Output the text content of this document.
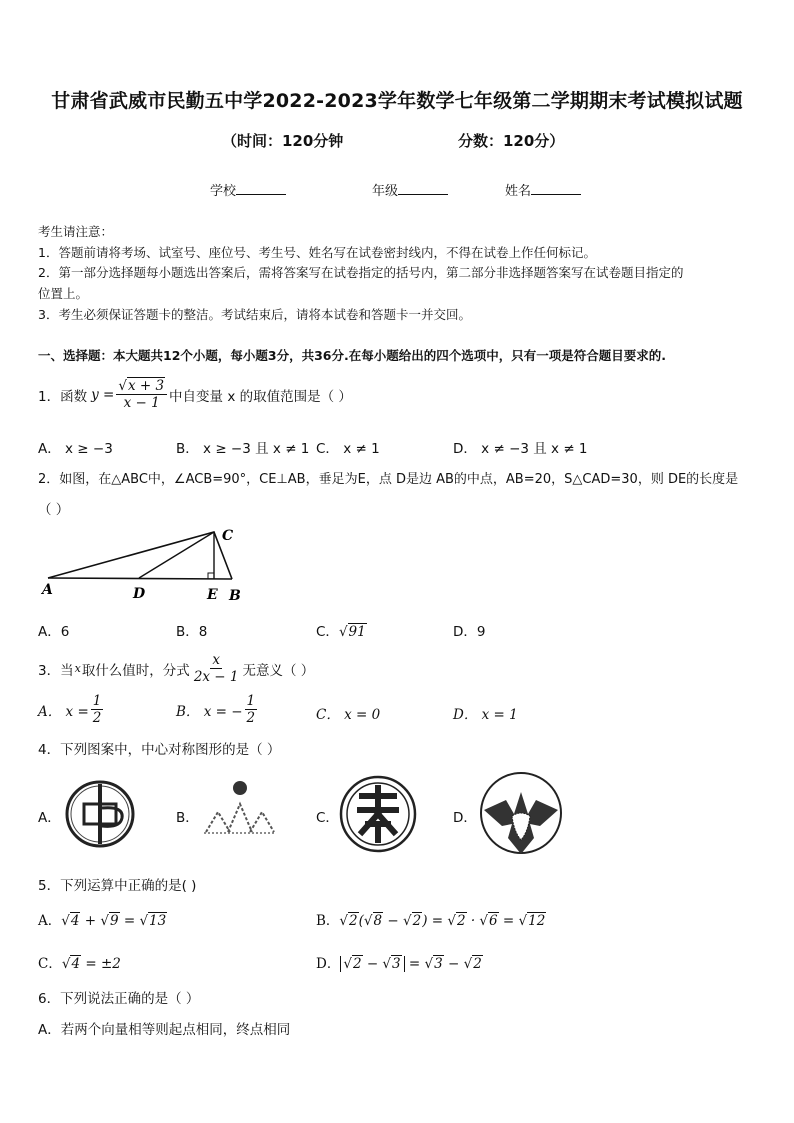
甘肃省武威市民勤五中学2022-2023学年数学七年级第二学期期末考试模拟试题
（时间：120分钟	分数：120分）
学校	年级	姓名
考生请注意：
1．答题前请将考场、试室号、座位号、考生号、姓名写在试卷密封线内，不得在试卷上作任何标记。
2．第一部分选择题每小题选出答案后，需将答案写在试卷指定的括号内，第二部分非选择题答案写在试卷题目指定的
位置上。
3．考生必须保证答题卡的整洁。考试结束后，请将本试卷和答题卡一并交回。
一、选择题：本大题共12个小题，每小题3分，共36分.在每小题给出的四个选项中，只有一项是符合题目要求的.
1．函数 $y = \frac{√x + 3}{x - 1}$ 中自变量 x 的取值范围是（ ）
A． x ≥ −3	B． x ≥ −3 且 x ≠ 1 C． x ≠ 1	D． x ≠ −3 且 x ≠ 1
2．如图，在△ABC中，∠ACB=90°，CE⊥AB，垂足为E，点 D是边 AB的中点，AB=20，S△CAD=30，则 DE的长度是
（ ）
A	D	E B
C
A．6	B．8	C．√91	D．9
3．当 x 取什么值时，分式 $\frac{x}{2x - 1}$ 无意义（ ）
A． $x = \frac{1}{2}$	B． x = − $\frac{1}{2}$	C． x = 0	D． x = 1
4．下列图案中，中心对称图形的是（ ）
A．	B．	C．	D．
5．下列运算中正确的是( )
A．√4 + √9 = √13	B．√2(√8 − √2) = √2 · √6 = √12
C．√4 = ±2	D． √2 − √3 = √3 − √2
6．下列说法正确的是（ ）
A．若两个向量相等则起点相同，终点相同
